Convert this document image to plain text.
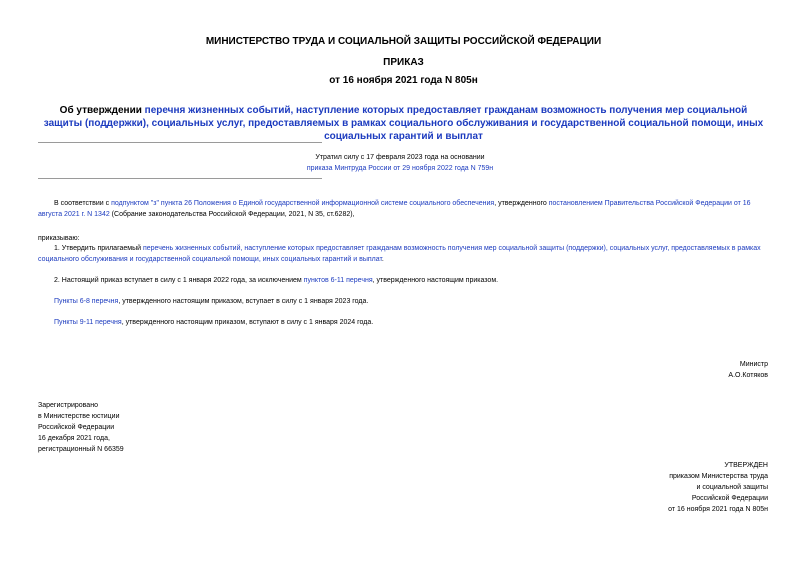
МИНИСТЕРСТВО ТРУДА И СОЦИАЛЬНОЙ ЗАЩИТЫ РОССИЙСКОЙ ФЕДЕРАЦИИ
ПРИКАЗ
от 16 ноября 2021 года N 805н
Об утверждении перечня жизненных событий, наступление которых предоставляет гражданам возможность получения мер социальной защиты (поддержки), социальных услуг, предоставляемых в рамках социального обслуживания и государственной социальной помощи, иных социальных гарантий и выплат
Утратил силу с 17 февраля 2023 года на основании
приказа Минтруда России от 29 ноября 2022 года N 759н
В соответствии с подпунктом "з" пункта 26 Положения о Единой государственной информационной системе социального обеспечения, утвержденного постановлением Правительства Российской Федерации от 16 августа 2021 г. N 1342 (Собрание законодательства Российской Федерации, 2021, N 35, ст.6282),
приказываю:
1. Утвердить прилагаемый перечень жизненных событий, наступление которых предоставляет гражданам возможность получения мер социальной защиты (поддержки), социальных услуг, предоставляемых в рамках социального обслуживания и государственной социальной помощи, иных социальных гарантий и выплат.
2. Настоящий приказ вступает в силу с 1 января 2022 года, за исключением пунктов 6-11 перечня, утвержденного настоящим приказом.
Пункты 6-8 перечня, утвержденного настоящим приказом, вступает в силу с 1 января 2023 года.
Пункты 9-11 перечня, утвержденного настоящим приказом, вступают в силу с 1 января 2024 года.
Министр
А.О.Котяков
Зарегистрировано
в Министерстве юстиции
Российской Федерации
16 декабря 2021 года,
регистрационный N 66359
УТВЕРЖДЕН
приказом Министерства труда
и социальной защиты
Российской Федерации
от 16 ноября 2021 года N 805н
